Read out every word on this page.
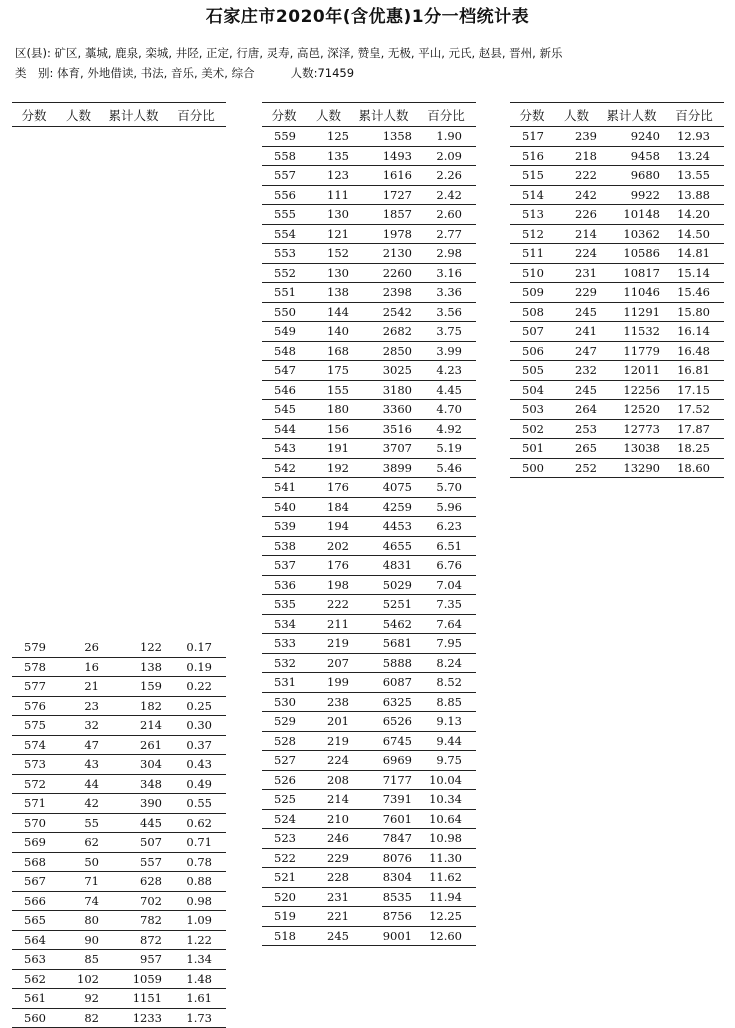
石家庄市2020年(含优惠)1分一档统计表
区(县): 矿区, 藁城, 鹿泉, 栾城, 井陉, 正定, 行唐, 灵寿, 高邑, 深泽, 赞皇, 无极, 平山, 元氏, 赵县, 晋州, 新乐
类　别: 体育, 外地借读, 书法, 音乐, 美术, 综合	人数:71459
分数	人数	累计人数	百分比
579	26	122	0.17
578	16	138	0.19
577	21	159	0.22
576	23	182	0.25
575	32	214	0.30
574	47	261	0.37
573	43	304	0.43
572	44	348	0.49
571	42	390	0.55
570	55	445	0.62
569	62	507	0.71
568	50	557	0.78
567	71	628	0.88
566	74	702	0.98
565	80	782	1.09
564	90	872	1.22
563	85	957	1.34
562	102	1059	1.48
561	92	1151	1.61
560	82	1233	1.73
分数	人数	累计人数	百分比
559	125	1358	1.90
558	135	1493	2.09
557	123	1616	2.26
556	111	1727	2.42
555	130	1857	2.60
554	121	1978	2.77
553	152	2130	2.98
552	130	2260	3.16
551	138	2398	3.36
550	144	2542	3.56
549	140	2682	3.75
548	168	2850	3.99
547	175	3025	4.23
546	155	3180	4.45
545	180	3360	4.70
544	156	3516	4.92
543	191	3707	5.19
542	192	3899	5.46
541	176	4075	5.70
540	184	4259	5.96
539	194	4453	6.23
538	202	4655	6.51
537	176	4831	6.76
536	198	5029	7.04
535	222	5251	7.35
534	211	5462	7.64
533	219	5681	7.95
532	207	5888	8.24
531	199	6087	8.52
530	238	6325	8.85
529	201	6526	9.13
528	219	6745	9.44
527	224	6969	9.75
526	208	7177	10.04
525	214	7391	10.34
524	210	7601	10.64
523	246	7847	10.98
522	229	8076	11.30
521	228	8304	11.62
520	231	8535	11.94
519	221	8756	12.25
518	245	9001	12.60
分数	人数	累计人数	百分比
517	239	9240	12.93
516	218	9458	13.24
515	222	9680	13.55
514	242	9922	13.88
513	226	10148	14.20
512	214	10362	14.50
511	224	10586	14.81
510	231	10817	15.14
509	229	11046	15.46
508	245	11291	15.80
507	241	11532	16.14
506	247	11779	16.48
505	232	12011	16.81
504	245	12256	17.15
503	264	12520	17.52
502	253	12773	17.87
501	265	13038	18.25
500	252	13290	18.60
